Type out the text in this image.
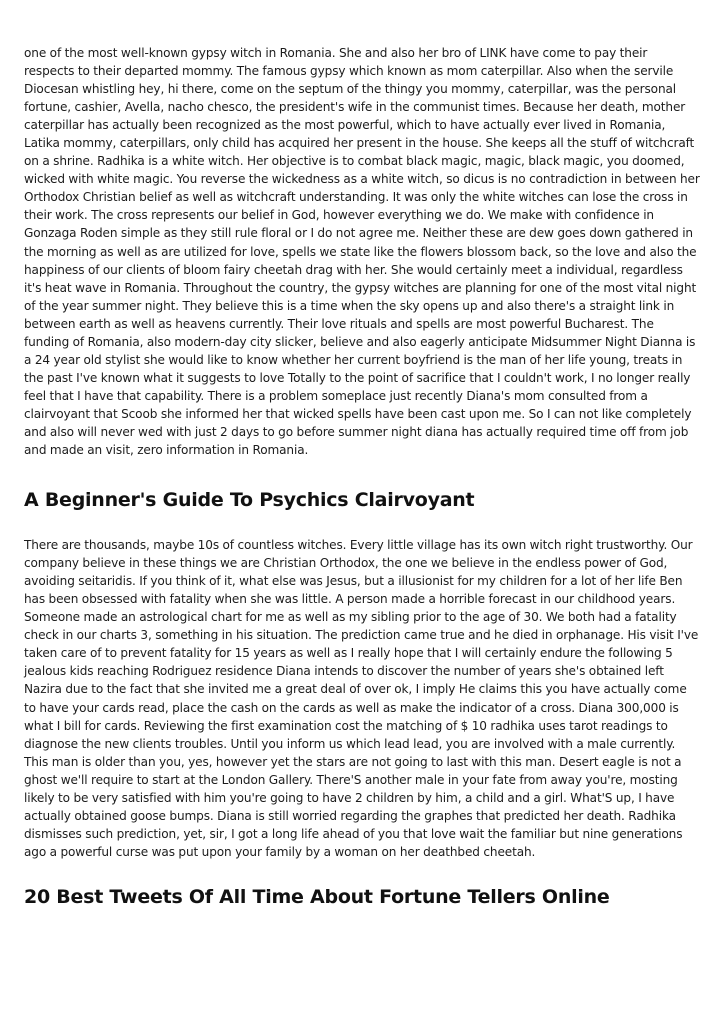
one of the most well-known gypsy witch in Romania. She and also her bro of LINK have come to pay their respects to their departed mommy. The famous gypsy which known as mom caterpillar. Also when the servile Diocesan whistling hey, hi there, come on the septum of the thingy you mommy, caterpillar, was the personal fortune, cashier, Avella, nacho chesco, the president's wife in the communist times. Because her death, mother caterpillar has actually been recognized as the most powerful, which to have actually ever lived in Romania, Latika mommy, caterpillars, only child has acquired her present in the house. She keeps all the stuff of witchcraft on a shrine. Radhika is a white witch. Her objective is to combat black magic, magic, black magic, you doomed, wicked with white magic. You reverse the wickedness as a white witch, so dicus is no contradiction in between her Orthodox Christian belief as well as witchcraft understanding. It was only the white witches can lose the cross in their work. The cross represents our belief in God, however everything we do. We make with confidence in Gonzaga Roden simple as they still rule floral or I do not agree me. Neither these are dew goes down gathered in the morning as well as are utilized for love, spells we state like the flowers blossom back, so the love and also the happiness of our clients of bloom fairy cheetah drag with her. She would certainly meet a individual, regardless it's heat wave in Romania. Throughout the country, the gypsy witches are planning for one of the most vital night of the year summer night. They believe this is a time when the sky opens up and also there's a straight link in between earth as well as heavens currently. Their love rituals and spells are most powerful Bucharest. The funding of Romania, also modern-day city slicker, believe and also eagerly anticipate Midsummer Night Dianna is a 24 year old stylist she would like to know whether her current boyfriend is the man of her life young, treats in the past I've known what it suggests to love Totally to the point of sacrifice that I couldn't work, I no longer really feel that I have that capability. There is a problem someplace just recently Diana's mom consulted from a clairvoyant that Scoob she informed her that wicked spells have been cast upon me. So I can not like completely and also will never wed with just 2 days to go before summer night diana has actually required time off from job and made an visit, zero information in Romania.

A Beginner's Guide To Psychics Clairvoyant

There are thousands, maybe 10s of countless witches. Every little village has its own witch right trustworthy. Our company believe in these things we are Christian Orthodox, the one we believe in the endless power of God, avoiding seitaridis. If you think of it, what else was Jesus, but a illusionist for my children for a lot of her life Ben has been obsessed with fatality when she was little. A person made a horrible forecast in our childhood years. Someone made an astrological chart for me as well as my sibling prior to the age of 30. We both had a fatality check in our charts 3, something in his situation. The prediction came true and he died in orphanage. His visit I've taken care of to prevent fatality for 15 years as well as I really hope that I will certainly endure the following 5 jealous kids reaching Rodriguez residence Diana intends to discover the number of years she's obtained left Nazira due to the fact that she invited me a great deal of over ok, I imply He claims this you have actually come to have your cards read, place the cash on the cards as well as make the indicator of a cross. Diana 300,000 is what I bill for cards. Reviewing the first examination cost the matching of $ 10 radhika uses tarot readings to diagnose the new clients troubles. Until you inform us which lead lead, you are involved with a male currently. This man is older than you, yes, however yet the stars are not going to last with this man. Desert eagle is not a ghost we'll require to start at the London Gallery. There'S another male in your fate from away you're, mosting likely to be very satisfied with him you're going to have 2 children by him, a child and a girl. What'S up, I have actually obtained goose bumps. Diana is still worried regarding the graphes that predicted her death. Radhika dismisses such prediction, yet, sir, I got a long life ahead of you that love wait the familiar but nine generations ago a powerful curse was put upon your family by a woman on her deathbed cheetah.

20 Best Tweets Of All Time About Fortune Tellers Online
